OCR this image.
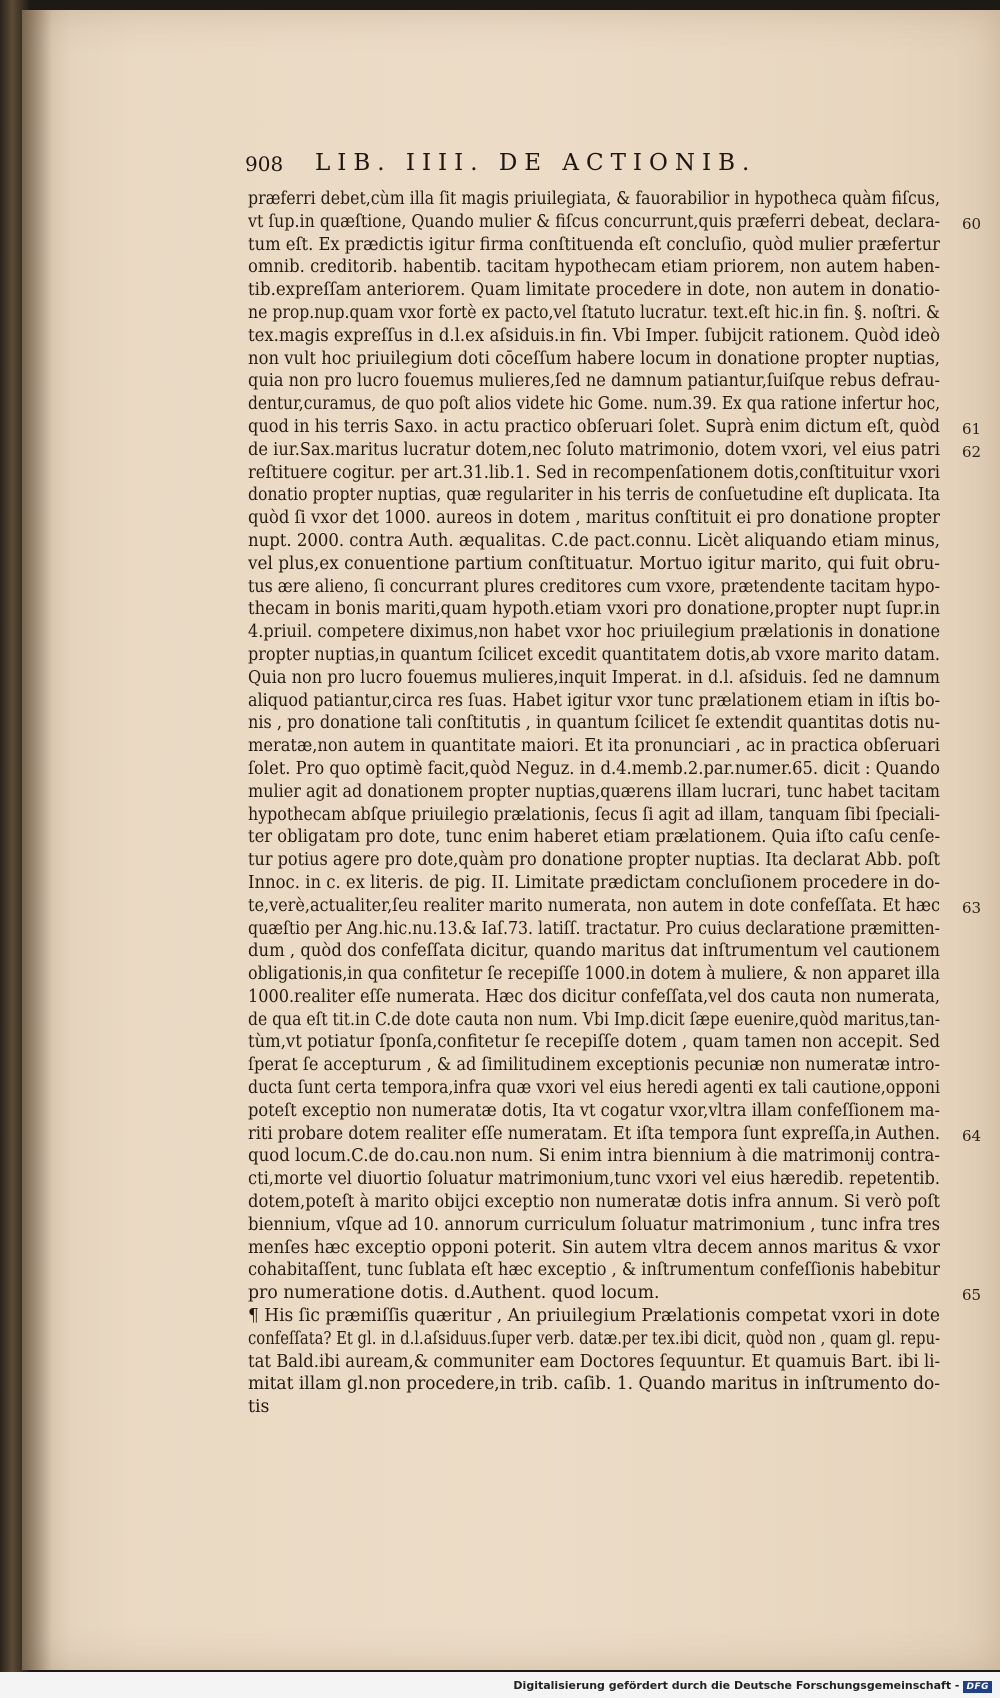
908 LIB. IIII. DE ACTIONIB.
præferri debet,cùm illa ſit magis priuilegiata, & fauorabilior in hypotheca quàm fiſcus,
vt ſup.in quæſtione, Quando mulier & fiſcus concurrunt,quis præferri debeat, declara-
tum eſt. Ex prædictis igitur firma conſtituenda eſt concluſio, quòd mulier præfertur
omnib. creditorib. habentib. tacitam hypothecam etiam priorem, non autem haben-
tib.expreſſam anteriorem. Quam limitate procedere in dote, non autem in donatio-
ne prop.nup.quam vxor fortè ex pacto,vel ſtatuto lucratur. text.eſt hic.in fin. §. noſtri. &
tex.magis expreſſus in d.l.ex aſsiduis.in fin. Vbi Imper. ſubijcit rationem. Quòd ideò
non vult hoc priuilegium doti cōceſſum habere locum in donatione propter nuptias,
quia non pro lucro fouemus mulieres,ſed ne damnum patiantur,ſuiſque rebus defrau-
dentur,curamus, de quo poſt alios videte hic Gome. num.39. Ex qua ratione infertur hoc,
quod in his terris Saxo. in actu practico obſeruari ſolet. Suprà enim dictum eſt, quòd
de iur.Sax.maritus lucratur dotem,nec ſoluto matrimonio, dotem vxori, vel eius patri
reſtituere cogitur. per art.31.lib.1. Sed in recompenſationem dotis,conſtituitur vxori
donatio propter nuptias, quæ regulariter in his terris de conſuetudine eſt duplicata. Ita
quòd ſi vxor det 1000. aureos in dotem , maritus conſtituit ei pro donatione propter
nupt. 2000. contra Auth. æqualitas. C.de pact.connu. Licèt aliquando etiam minus,
vel plus,ex conuentione partium conſtituatur. Mortuo igitur marito, qui fuit obru-
tus ære alieno, ſi concurrant plures creditores cum vxore, prætendente tacitam hypo-
thecam in bonis mariti,quam hypoth.etiam vxori pro donatione,propter nupt ſupr.in
4.priuil. competere diximus,non habet vxor hoc priuilegium prælationis in donatione
propter nuptias,in quantum ſcilicet excedit quantitatem dotis,ab vxore marito datam.
Quia non pro lucro fouemus mulieres,inquit Imperat. in d.l. aſsiduis. ſed ne damnum
aliquod patiantur,circa res ſuas. Habet igitur vxor tunc prælationem etiam in iſtis bo-
nis , pro donatione tali conſtitutis , in quantum ſcilicet ſe extendit quantitas dotis nu-
meratæ,non autem in quantitate maiori. Et ita pronunciari , ac in practica obſeruari
ſolet. Pro quo optimè facit,quòd Neguz. in d.4.memb.2.par.numer.65. dicit : Quando
mulier agit ad donationem propter nuptias,quærens illam lucrari, tunc habet tacitam
hypothecam abſque priuilegio prælationis, ſecus ſi agit ad illam, tanquam ſibi ſpeciali-
ter obligatam pro dote, tunc enim haberet etiam prælationem. Quia iſto caſu cenſe-
tur potius agere pro dote,quàm pro donatione propter nuptias. Ita declarat Abb. poſt
Innoc. in c. ex literis. de pig. II. Limitate prædictam concluſionem procedere in do-
te,verè,actualiter,ſeu realiter marito numerata, non autem in dote confeſſata. Et hæc
quæſtio per Ang.hic.nu.13.& Iaſ.73. latiſſ. tractatur. Pro cuius declaratione præmitten-
dum , quòd dos confeſſata dicitur, quando maritus dat inſtrumentum vel cautionem
obligationis,in qua confitetur ſe recepiſſe 1000.in dotem à muliere, & non apparet illa
1000.realiter eſſe numerata. Hæc dos dicitur confeſſata,vel dos cauta non numerata,
de qua eſt tit.in C.de dote cauta non num. Vbi Imp.dicit ſæpe euenire,quòd maritus,tan-
tùm,vt potiatur ſponſa,confitetur ſe recepiſſe dotem , quam tamen non accepit. Sed
ſperat ſe accepturum , & ad ſimilitudinem exceptionis pecuniæ non numeratæ intro-
ducta ſunt certa tempora,infra quæ vxori vel eius heredi agenti ex tali cautione,opponi
poteſt exceptio non numeratæ dotis, Ita vt cogatur vxor,vltra illam confeſſionem ma-
riti probare dotem realiter eſſe numeratam. Et iſta tempora ſunt expreſſa,in Authen.
quod locum.C.de do.cau.non num. Si enim intra biennium à die matrimonij contra-
cti,morte vel diuortio ſoluatur matrimonium,tunc vxori vel eius hæredib. repetentib.
dotem,poteſt à marito obijci exceptio non numeratæ dotis infra annum. Si verò poſt
biennium, vſque ad 10. annorum curriculum ſoluatur matrimonium , tunc infra tres
menſes hæc exceptio opponi poterit. Sin autem vltra decem annos maritus & vxor
cohabitaſſent, tunc ſublata eſt hæc exceptio , & inſtrumentum confeſſionis habebitur
pro numeratione dotis. d.Authent. quod locum.
¶ His ſic præmiſſis quæritur , An priuilegium Prælationis competat vxori in dote
confeſſata? Et gl. in d.l.aſsiduus.ſuper verb. datæ.per tex.ibi dicit, quòd non , quam gl. repu-
tat Bald.ibi auream,& communiter eam Doctores ſequuntur. Et quamuis Bart. ibi li-
mitat illam gl.non procedere,in trib. caſib. 1. Quando maritus in inſtrumento do-
tis
60
61
62
63
64
65
Digitalisierung gefördert durch die Deutsche Forschungsgemeinschaft - DFG
